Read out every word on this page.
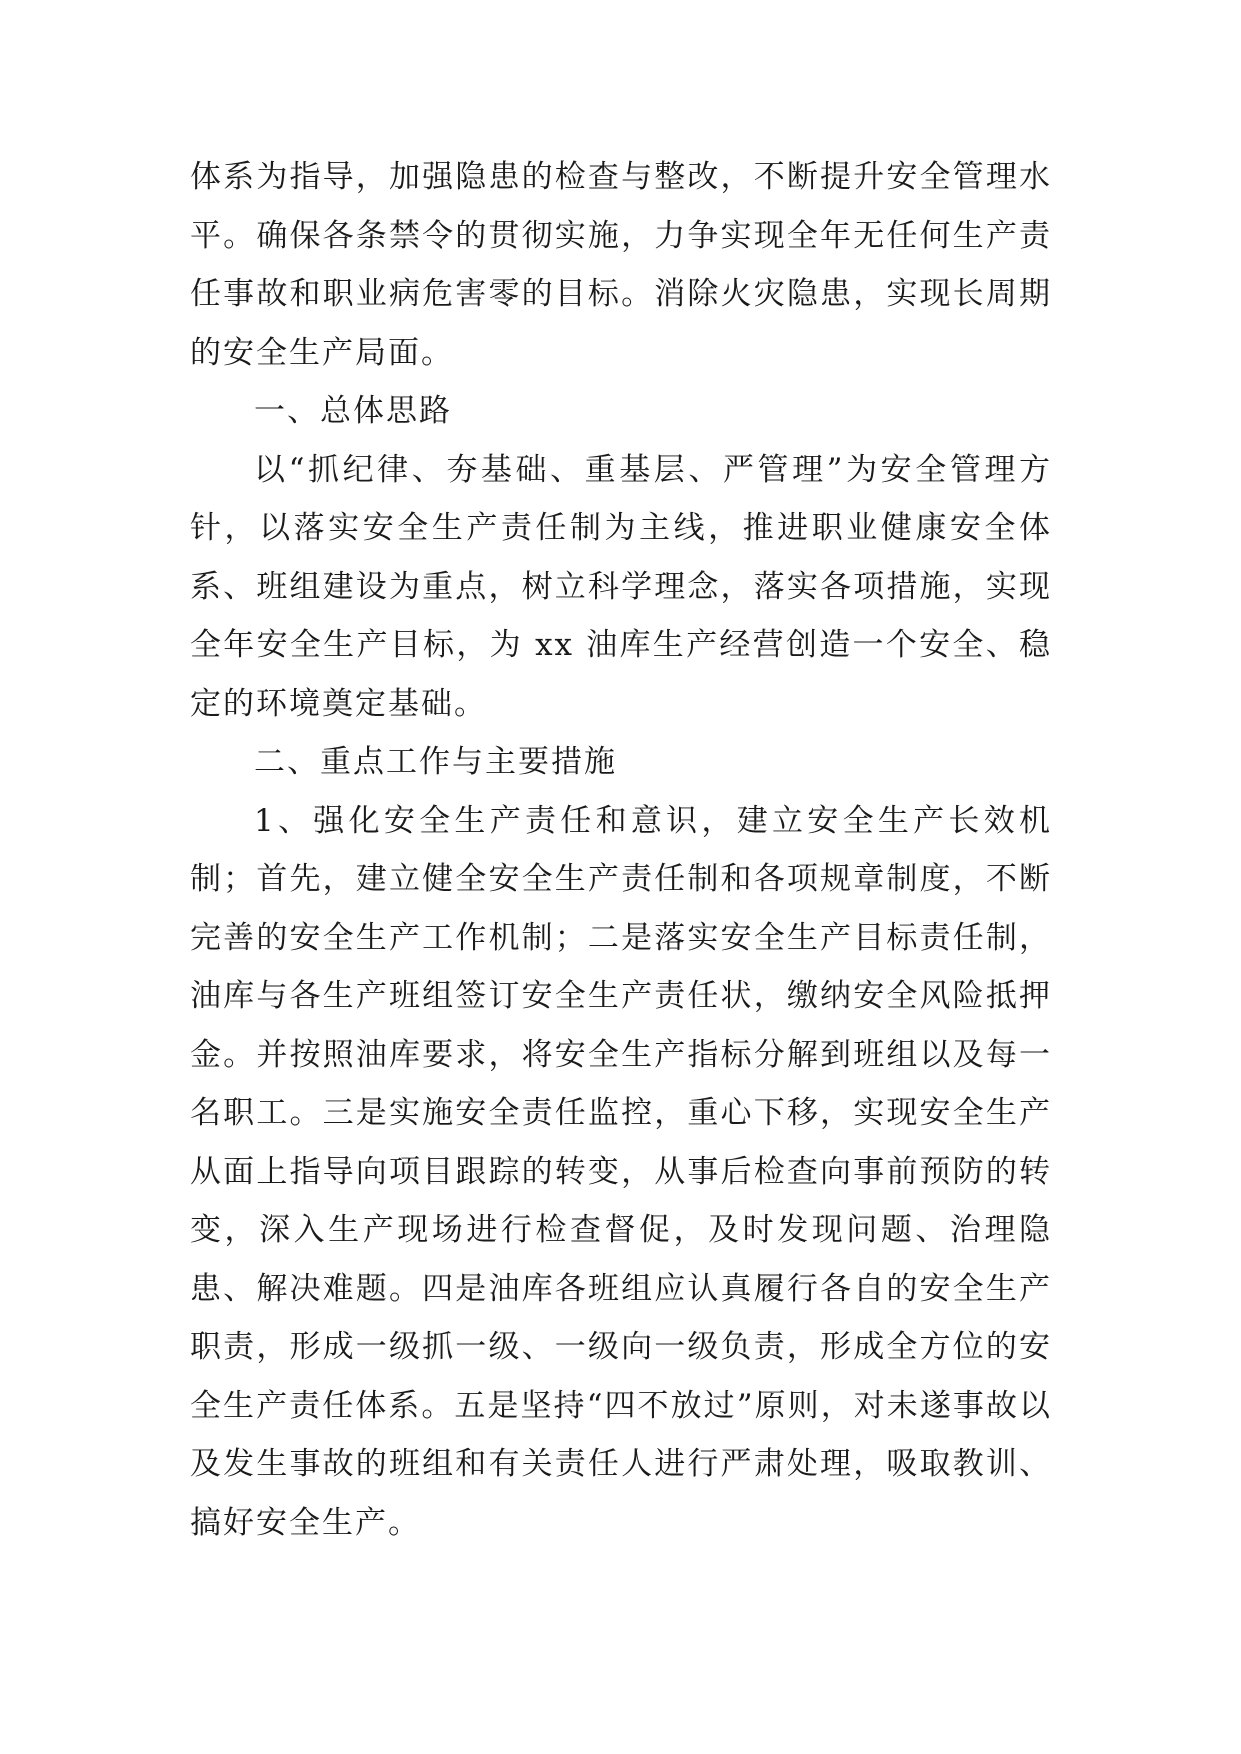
体系为指导，加强隐患的检查与整改，不断提升安全管理水平。确保各条禁令的贯彻实施，力争实现全年无任何生产责任事故和职业病危害零的目标。消除火灾隐患，实现长周期的安全生产局面。

一、总体思路

以“抓纪律、夯基础、重基层、严管理”为安全管理方针，以落实安全生产责任制为主线，推进职业健康安全体系、班组建设为重点，树立科学理念，落实各项措施，实现全年安全生产目标，为 xx 油库生产经营创造一个安全、稳定的环境奠定基础。

二、重点工作与主要措施

1、强化安全生产责任和意识，建立安全生产长效机制；首先，建立健全安全生产责任制和各项规章制度，不断完善的安全生产工作机制；二是落实安全生产目标责任制，油库与各生产班组签订安全生产责任状，缴纳安全风险抵押金。并按照油库要求，将安全生产指标分解到班组以及每一名职工。三是实施安全责任监控，重心下移，实现安全生产从面上指导向项目跟踪的转变，从事后检查向事前预防的转变，深入生产现场进行检查督促，及时发现问题、治理隐患、解决难题。四是油库各班组应认真履行各自的安全生产职责，形成一级抓一级、一级向一级负责，形成全方位的安全生产责任体系。五是坚持“四不放过”原则，对未遂事故以及发生事故的班组和有关责任人进行严肃处理，吸取教训、搞好安全生产。
